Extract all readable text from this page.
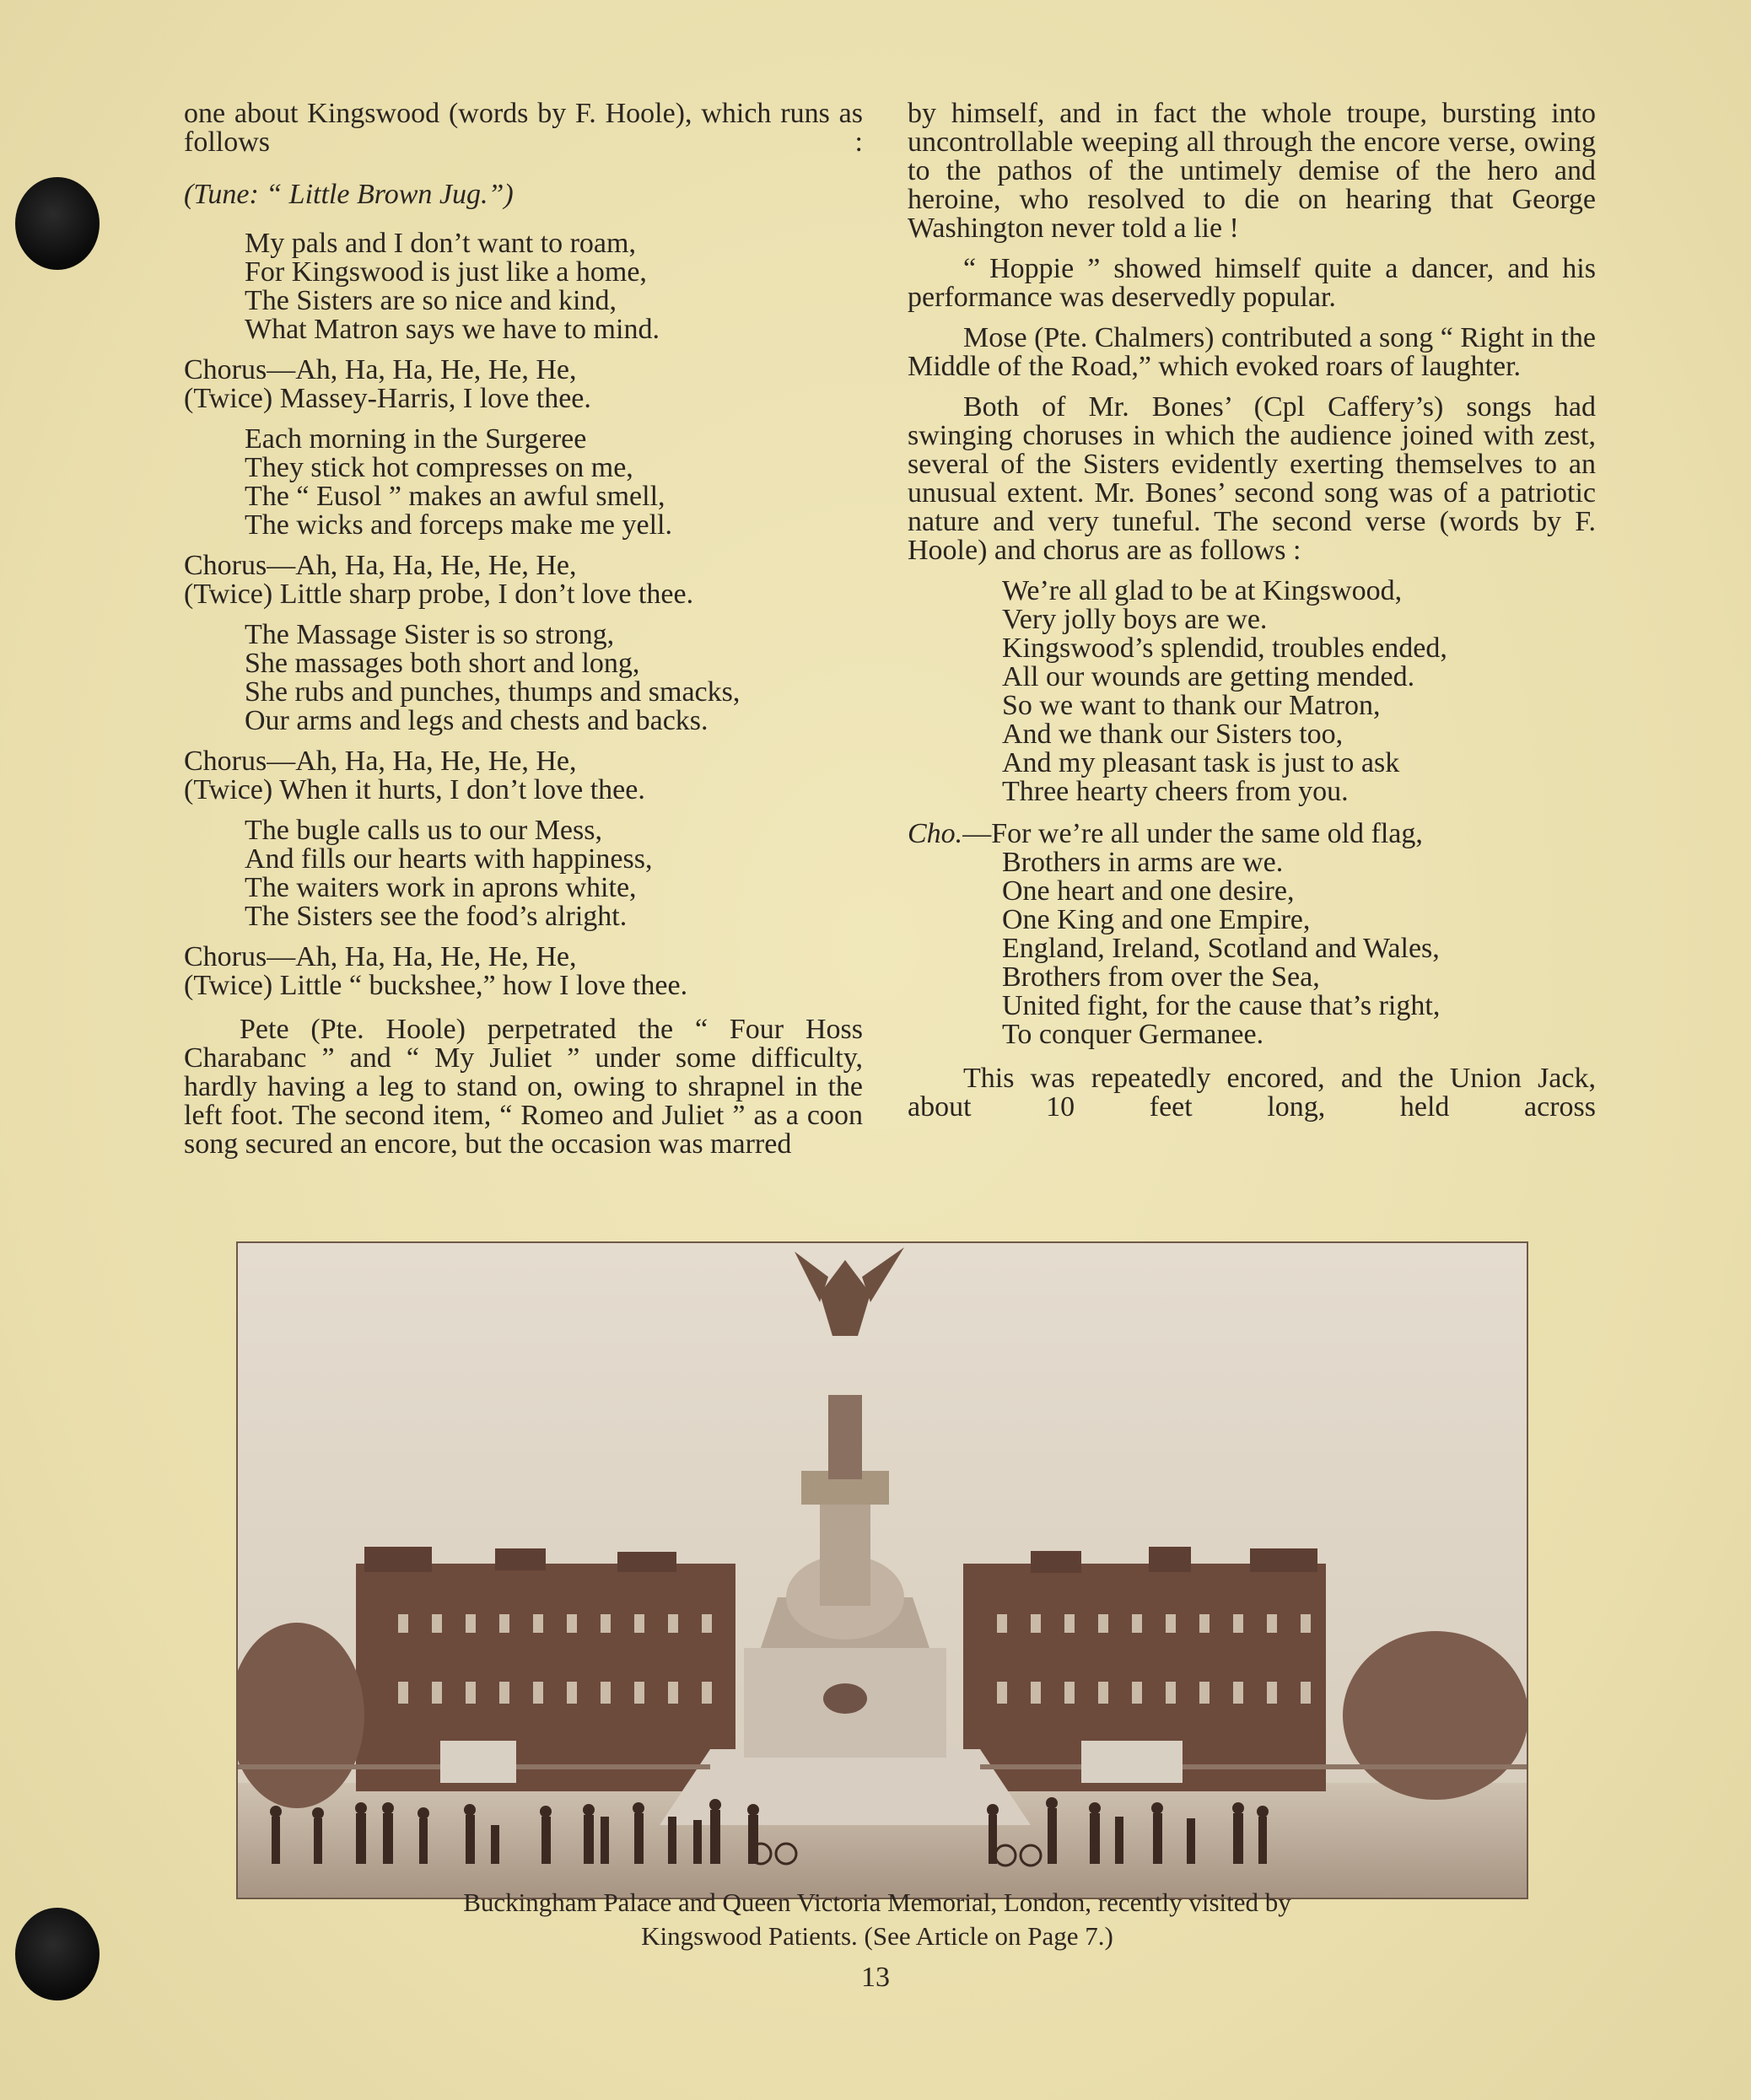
one about Kingswood (words by F. Hoole), which runs as follows :

(Tune: “ Little Brown Jug.”)

My pals and I don’t want to roam,
For Kingswood is just like a home,
The Sisters are so nice and kind,
What Matron says we have to mind.
Chorus—Ah, Ha, Ha, He, He, He,
(Twice) Massey-Harris, I love thee.
Each morning in the Surgeree
They stick hot compresses on me,
The “ Eusol ” makes an awful smell,
The wicks and forceps make me yell.
Chorus—Ah, Ha, Ha, He, He, He,
(Twice) Little sharp probe, I don’t love thee.
The Massage Sister is so strong,
She massages both short and long,
She rubs and punches, thumps and smacks,
Our arms and legs and chests and backs.
Chorus—Ah, Ha, Ha, He, He, He,
(Twice) When it hurts, I don’t love thee.
The bugle calls us to our Mess,
And fills our hearts with happiness,
The waiters work in aprons white,
The Sisters see the food’s alright.
Chorus—Ah, Ha, Ha, He, He, He,
(Twice) Little “ buckshee,” how I love thee.

Pete (Pte. Hoole) perpetrated the “ Four Hoss Charabanc ” and “ My Juliet ” under some difficulty, hardly having a leg to stand on, owing to shrapnel in the left foot. The second item, “ Romeo and Juliet ” as a coon song secured an encore, but the occasion was marred

by himself, and in fact the whole troupe, bursting into uncontrollable weeping all through the encore verse, owing to the pathos of the untimely demise of the hero and heroine, who resolved to die on hearing that George Washington never told a lie !

“ Hoppie ” showed himself quite a dancer, and his performance was deservedly popular.

Mose (Pte. Chalmers) contributed a song “ Right in the Middle of the Road,” which evoked roars of laughter.

Both of Mr. Bones’ (Cpl Caffery’s) songs had swinging choruses in which the audience joined with zest, several of the Sisters evidently exerting themselves to an unusual extent. Mr. Bones’ second song was of a patriotic nature and very tuneful. The second verse (words by F. Hoole) and chorus are as follows :

We’re all glad to be at Kingswood,
Very jolly boys are we.
Kingswood’s splendid, troubles ended,
All our wounds are getting mended.
So we want to thank our Matron,
And we thank our Sisters too,
And my pleasant task is just to ask
Three hearty cheers from you.
Cho.—For we’re all under the same old flag,
Brothers in arms are we.
One heart and one desire,
One King and one Empire,
England, Ireland, Scotland and Wales,
Brothers from over the Sea,
United fight, for the cause that’s right,
To conquer Germanee.

This was repeatedly encored, and the Union Jack, about 10 feet long, held across

Buckingham Palace and Queen Victoria Memorial, London, recently visited by
Kingswood Patients. (See Article on Page 7.)
13
